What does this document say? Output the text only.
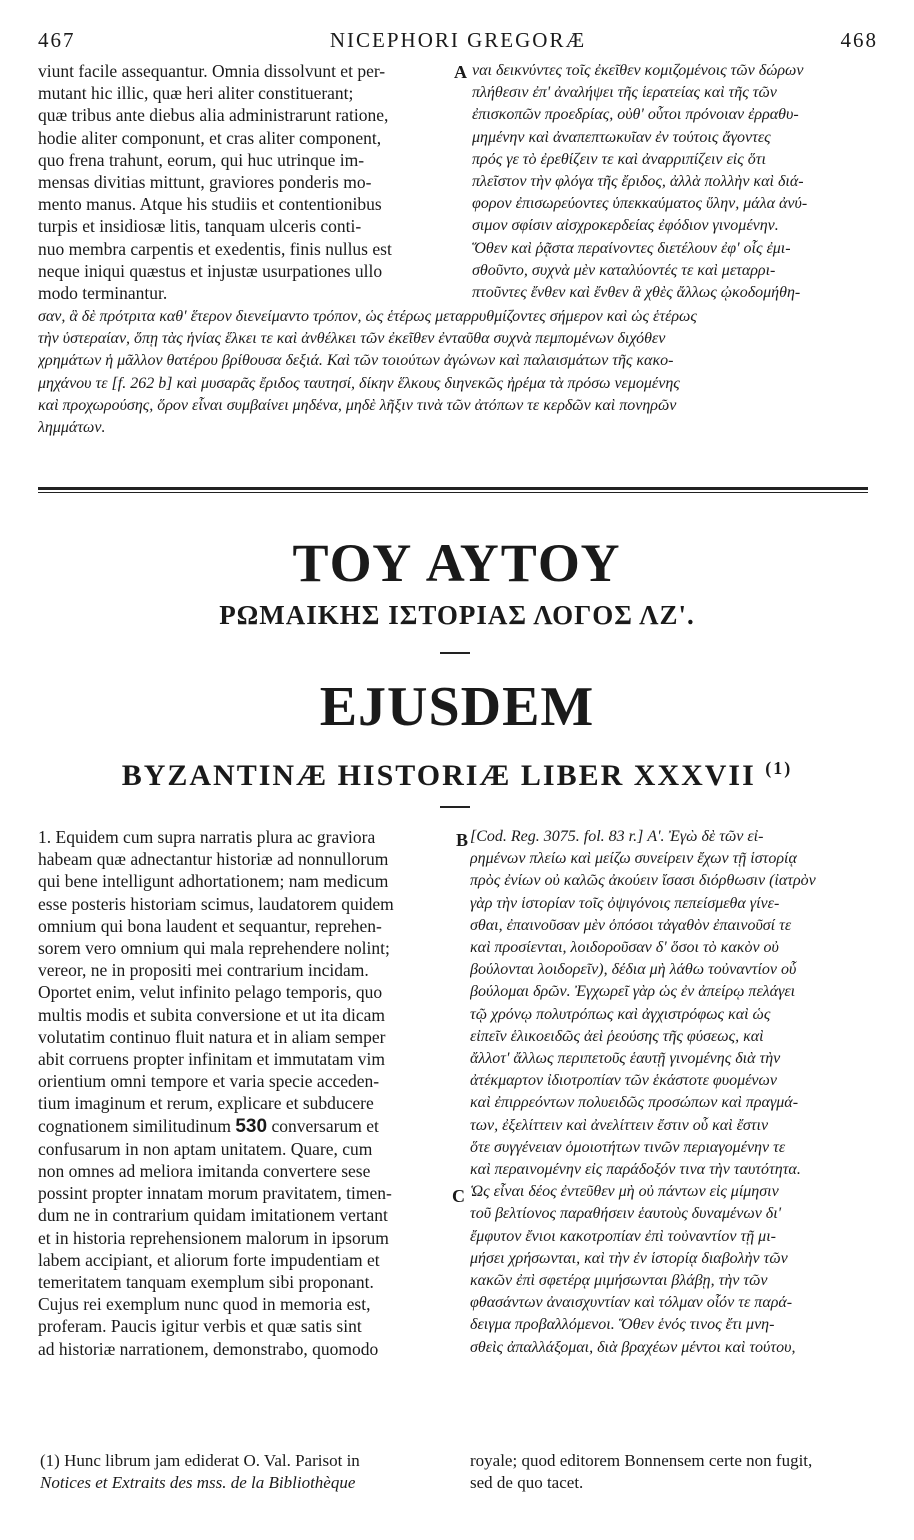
467	NICEPHORI GREGORÆ	468
viunt facile assequantur. Omnia dissolvunt et per-
mutant hic illic, quæ heri aliter constituerant;
quæ tribus ante diebus alia administrarunt ratione,
hodie aliter componunt, et cras aliter component,
quo frena trahunt, eorum, qui huc utrinque im-
mensas divitias mittunt, graviores ponderis mo-
mento manus. Atque his studiis et contentionibus
turpis et insidiosæ litis, tanquam ulceris conti-
nuo membra carpentis et exedentis, finis nullus est
neque iniqui quæstus et injustæ usurpationes ullo
modo terminantur.
A ναι δεικνύντες τοῖς ἐκεῖθεν κομιζομένοις τῶν δώρων
πλήθεσιν ἐπ' ἀναλήψει τῆς ἱερατείας καὶ τῆς τῶν
ἐπισκοπῶν προεδρίας, οὐθ' οὗτοι πρόνοιαν ἐρραθυ-
μημένην καὶ ἀναπεπτωκυῖαν ἐν τούτοις ἄγοντες
πρός γε τὸ ἐρεθίζειν τε καὶ ἀναρριπίζειν εἰς ὅτι
πλεῖστον τὴν φλόγα τῆς ἔριδος, ἀλλὰ πολλὴν καὶ διά-
φορον ἐπισωρεύοντες ὑπεκκαύματος ὕλην, μάλα ἀνύ-
σιμον σφίσιν αἰσχροκερδείας ἐφόδιον γινομένην.
Ὅθεν καὶ ῥᾷστα περαίνοντες διετέλουν ἐφ' οἷς ἐμι-
σθοῦντο, συχνὰ μὲν καταλύοντές τε καὶ μεταρρι-
πτοῦντες ἔνθεν καὶ ἔνθεν ἃ χθὲς ἄλλως ᾠκοδομήθη-
σαν, ἃ δὲ πρότριτα καθ' ἕτερον διενείμαντο τρόπον, ὡς ἑτέρως μεταρρυθμίζοντες σήμερον καὶ ὡς ἑτέρως
τὴν ὑστεραίαν, ὅπῃ τὰς ἡνίας ἕλκει τε καὶ ἀνθέλκει τῶν ἐκεῖθεν ἐνταῦθα συχνὰ πεμπομένων διχόθεν
χρημάτων ἡ μᾶλλον θατέρου βρίθουσα δεξιά. Καὶ τῶν τοιούτων ἀγώνων καὶ παλαισμάτων τῆς κακο-
μηχάνου τε [f. 262 b] καὶ μυσαρᾶς ἔριδος ταυτησί, δίκην ἕλκους διηνεκῶς ἠρέμα τὰ πρόσω νεμομένης
καὶ προχωρούσης, ὅρον εἶναι συμβαίνει μηδένα, μηδὲ λῆξιν τινὰ τῶν ἀτόπων τε κερδῶν καὶ πονηρῶν
λημμάτων.
ΤΟΥ ΑΥΤΟΥ
ΡΩΜΑΙΚΗΣ ΙΣΤΟΡΙΑΣ ΛΟΓΟΣ ΛΖ'.
EJUSDEM
BYZANTINÆ HISTORIÆ LIBER XXXVII $^{(1)}$
1. Equidem cum supra narratis plura ac graviora
habeam quæ adnectantur historiæ ad nonnullorum
qui bene intelligunt adhortationem; nam medicum
esse posteris historiam scimus, laudatorem quidem
omnium qui bona laudent et sequantur, reprehen-
sorem vero omnium qui mala reprehendere nolint;
vereor, ne in propositi mei contrarium incidam.
Oportet enim, velut infinito pelago temporis, quo
multis modis et subita conversione et ut ita dicam
volutatim continuo fluit natura et in aliam semper
abit corruens propter infinitam et immutatam vim
orientium omni tempore et varia specie acceden-
tium imaginum et rerum, explicare et subducere
cognationem similitudinum 530 conversarum et
confusarum in non aptam unitatem. Quare, cum
non omnes ad meliora imitanda convertere sese
possint propter innatam morum pravitatem, timen-
dum ne in contrarium quidam imitationem vertant
et in historia reprehensionem malorum in ipsorum
labem accipiant, et aliorum forte impudentiam et
temeritatem tanquam exemplum sibi proponant.
Cujus rei exemplum nunc quod in memoria est,
proferam. Paucis igitur verbis et quæ satis sint
ad historiæ narrationem, demonstrabo, quomodo
B
C
[Cod. Reg. 3075. fol. 83 r.] Α'. Ἐγὼ δὲ τῶν εἰ-
ρημένων πλείω καὶ μείζω συνείρειν ἔχων τῇ ἱστορίᾳ
πρὸς ἐνίων οὐ καλῶς ἀκούειν ἴσασι διόρθωσιν (ἰατρὸν
γὰρ τὴν ἱστορίαν τοῖς ὀψιγόνοις πεπείσμεθα γίνε-
σθαι, ἐπαινοῦσαν μὲν ὁπόσοι τἀγαθὸν ἐπαινοῦσί τε
καὶ προσίενται, λοιδοροῦσαν δ' ὅσοι τὸ κακὸν οὐ
βούλονται λοιδορεῖν), δέδια μὴ λάθω τοὐναντίον οὗ
βούλομαι δρῶν. Ἐγχωρεῖ γὰρ ὡς ἐν ἀπείρῳ πελάγει
τῷ χρόνῳ πολυτρόπως καὶ ἀγχιστρόφως καὶ ὡς
εἰπεῖν ἑλικοειδῶς ἀεὶ ῥεούσης τῆς φύσεως, καὶ
ἄλλοτ' ἄλλως περιπετοῦς ἑαυτῇ γινομένης διὰ τὴν
ἀτέκμαρτον ἰδιοτροπίαν τῶν ἑκάστοτε φυομένων
καὶ ἐπιρρεόντων πολυειδῶς προσώπων καὶ πραγμά-
των, ἐξελίττειν καὶ ἀνελίττειν ἔστιν οὗ καὶ ἔστιν
ὅτε συγγένειαν ὁμοιοτήτων τινῶν περιαγομένην τε
καὶ περαινομένην εἰς παράδοξόν τινα τὴν ταυτότητα.
Ὡς εἶναι δέος ἐντεῦθεν μὴ οὐ πάντων εἰς μίμησιν
τοῦ βελτίονος παραθήσειν ἑαυτοὺς δυναμένων δι'
ἔμφυτον ἔνιοι κακοτροπίαν ἐπὶ τοὐναντίον τῇ μι-
μήσει χρήσωνται, καὶ τὴν ἐν ἱστορίᾳ διαβολὴν τῶν
κακῶν ἐπὶ σφετέρᾳ μιμήσωνται βλάβῃ, τὴν τῶν
φθασάντων ἀναισχυντίαν καὶ τόλμαν οἷόν τε παρά-
δειγμα προβαλλόμενοι. Ὅθεν ἑνός τινος ἔτι μνη-
σθεὶς ἀπαλλάξομαι, διὰ βραχέων μέντοι καὶ τούτου,
(1) Hunc librum jam ediderat O. Val. Parisot in
Notices et Extraits des mss. de la Bibliothèque
royale; quod editorem Bonnensem certe non fugit,
sed de quo tacet.
